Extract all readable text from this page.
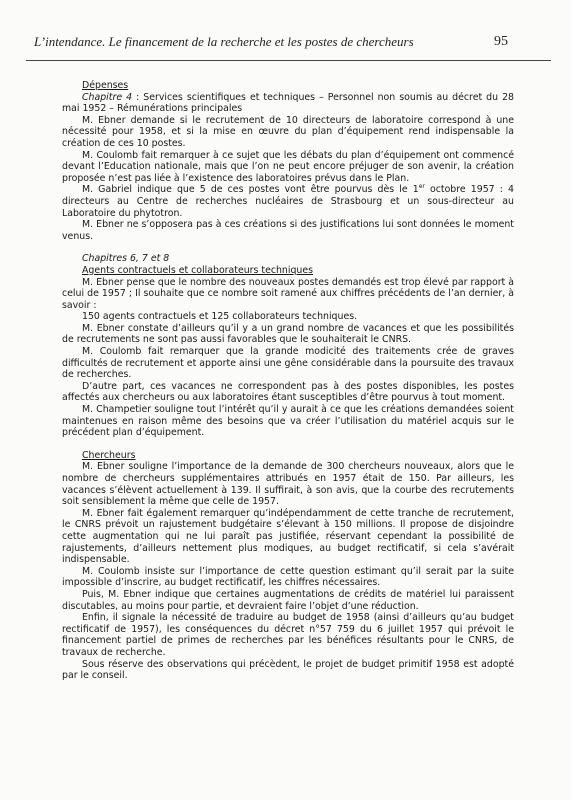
L’intendance. Le financement de la recherche et les postes de chercheurs	95

Dépenses

Chapitre 4 : Services scientifiques et techniques – Personnel non soumis au décret du 28 mai 1952 – Rémunérations principales

M. Ebner demande si le recrutement de 10 directeurs de laboratoire correspond à une nécessité pour 1958, et si la mise en œuvre du plan d’équipement rend indispensable la création de ces 10 postes.

M. Coulomb fait remarquer à ce sujet que les débats du plan d’équipement ont commencé devant l’Education nationale, mais que l’on ne peut encore préjuger de son avenir, la création proposée n’est pas liée à l’existence des laboratoires prévus dans le Plan.

M. Gabriel indique que 5 de ces postes vont être pourvus dès le 1er octobre 1957 : 4 directeurs au Centre de recherches nucléaires de Strasbourg et un sous-directeur au Laboratoire du phytotron.

M. Ebner ne s’opposera pas à ces créations si des justifications lui sont données le moment venus.

Chapitres 6, 7 et 8

Agents contractuels et collaborateurs techniques

M. Ebner pense que le nombre des nouveaux postes demandés est trop élevé par rapport à celui de 1957 ; Il souhaite que ce nombre soit ramené aux chiffres précédents de l’an dernier, à savoir :

150 agents contractuels et 125 collaborateurs techniques.

M. Ebner constate d’ailleurs qu’il y a un grand nombre de vacances et que les possibilités de recrutements ne sont pas aussi favorables que le souhaiterait le CNRS.

M. Coulomb fait remarquer que la grande modicité des traitements crée de graves difficultés de recrutement et apporte ainsi une gêne considérable dans la poursuite des travaux de recherches.

D’autre part, ces vacances ne correspondent pas à des postes disponibles, les postes affectés aux chercheurs ou aux laboratoires étant susceptibles d’être pourvus à tout moment.

M. Champetier souligne tout l’intérêt qu’il y aurait à ce que les créations demandées soient maintenues en raison même des besoins que va créer l’utilisation du matériel acquis sur le précédent plan d’équipement.

Chercheurs

M. Ebner souligne l’importance de la demande de 300 chercheurs nouveaux, alors que le nombre de chercheurs supplémentaires attribués en 1957 était de 150. Par ailleurs, les vacances s’élèvent actuellement à 139. Il suffirait, à son avis, que la courbe des recrutements soit sensiblement la même que celle de 1957.

M. Ebner fait également remarquer qu’indépendamment de cette tranche de recrutement, le CNRS prévoit un rajustement budgétaire s’élevant à 150 millions. Il propose de disjoindre cette augmentation qui ne lui paraît pas justifiée, réservant cependant la possibilité de rajustements, d’ailleurs nettement plus modiques, au budget rectificatif, si cela s’avérait indispensable.

M. Coulomb insiste sur l’importance de cette question estimant qu’il serait par la suite impossible d’inscrire, au budget rectificatif, les chiffres nécessaires.

Puis, M. Ebner indique que certaines augmentations de crédits de matériel lui paraissent discutables, au moins pour partie, et devraient faire l’objet d’une réduction.

Enfin, il signale la nécessité de traduire au budget de 1958 (ainsi d’ailleurs qu’au budget rectificatif de 1957), les conséquences du décret n°57 759 du 6 juillet 1957 qui prévoit le financement partiel de primes de recherches par les bénéfices résultants pour le CNRS, de travaux de recherche.

Sous réserve des observations qui précèdent, le projet de budget primitif 1958 est adopté par le conseil.
